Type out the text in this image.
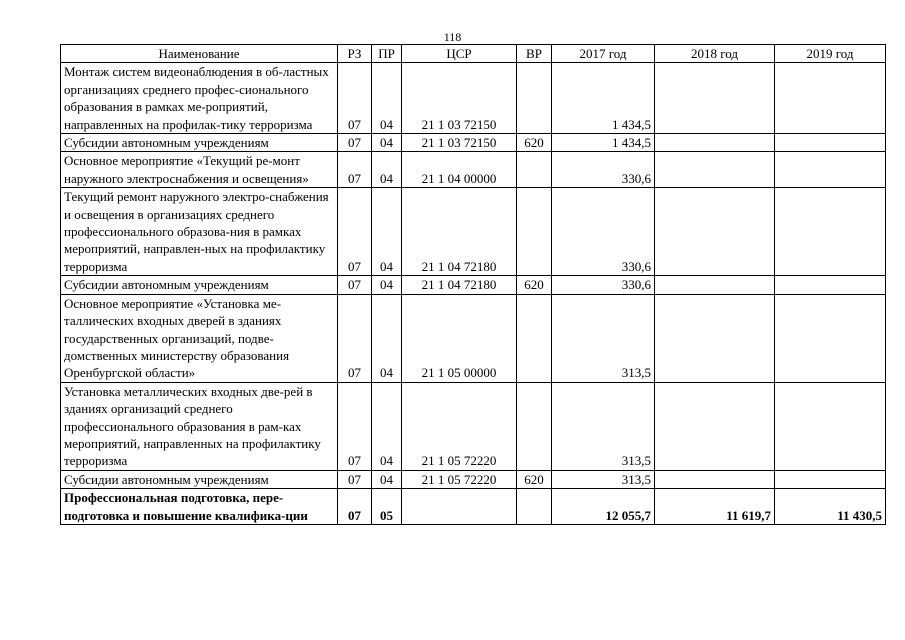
118
Наименование	РЗ	ПР	ЦСР	ВР	2017 год	2018 год	2019 год
Монтаж систем видеонаблюдения в об-ластных организациях среднего профес-сионального образования в рамках ме-роприятий, направленных на профилак-тику терроризма	07	04	21 1 03 72150		1 434,5		
Субсидии автономным учреждениям	07	04	21 1 03 72150	620	1 434,5		
Основное мероприятие «Текущий ре-монт наружного электроснабжения и освещения»	07	04	21 1 04 00000		330,6		
Текущий ремонт наружного электро-снабжения и освещения в организациях среднего профессионального образова-ния в рамках мероприятий, направлен-ных на профилактику терроризма	07	04	21 1 04 72180		330,6		
Субсидии автономным учреждениям	07	04	21 1 04 72180	620	330,6		
Основное мероприятие «Установка ме-таллических входных дверей в зданиях государственных организаций, подве-домственных министерству образования Оренбургской области»	07	04	21 1 05 00000		313,5		
Установка металлических входных две-рей в зданиях организаций среднего профессионального образования в рам-ках мероприятий, направленных на профилактику терроризма	07	04	21 1 05 72220		313,5		
Субсидии автономным учреждениям	07	04	21 1 05 72220	620	313,5		
Профессиональная подготовка, пере-подготовка и повышение квалифика-ции	07	05			12 055,7	11 619,7	11 430,5
